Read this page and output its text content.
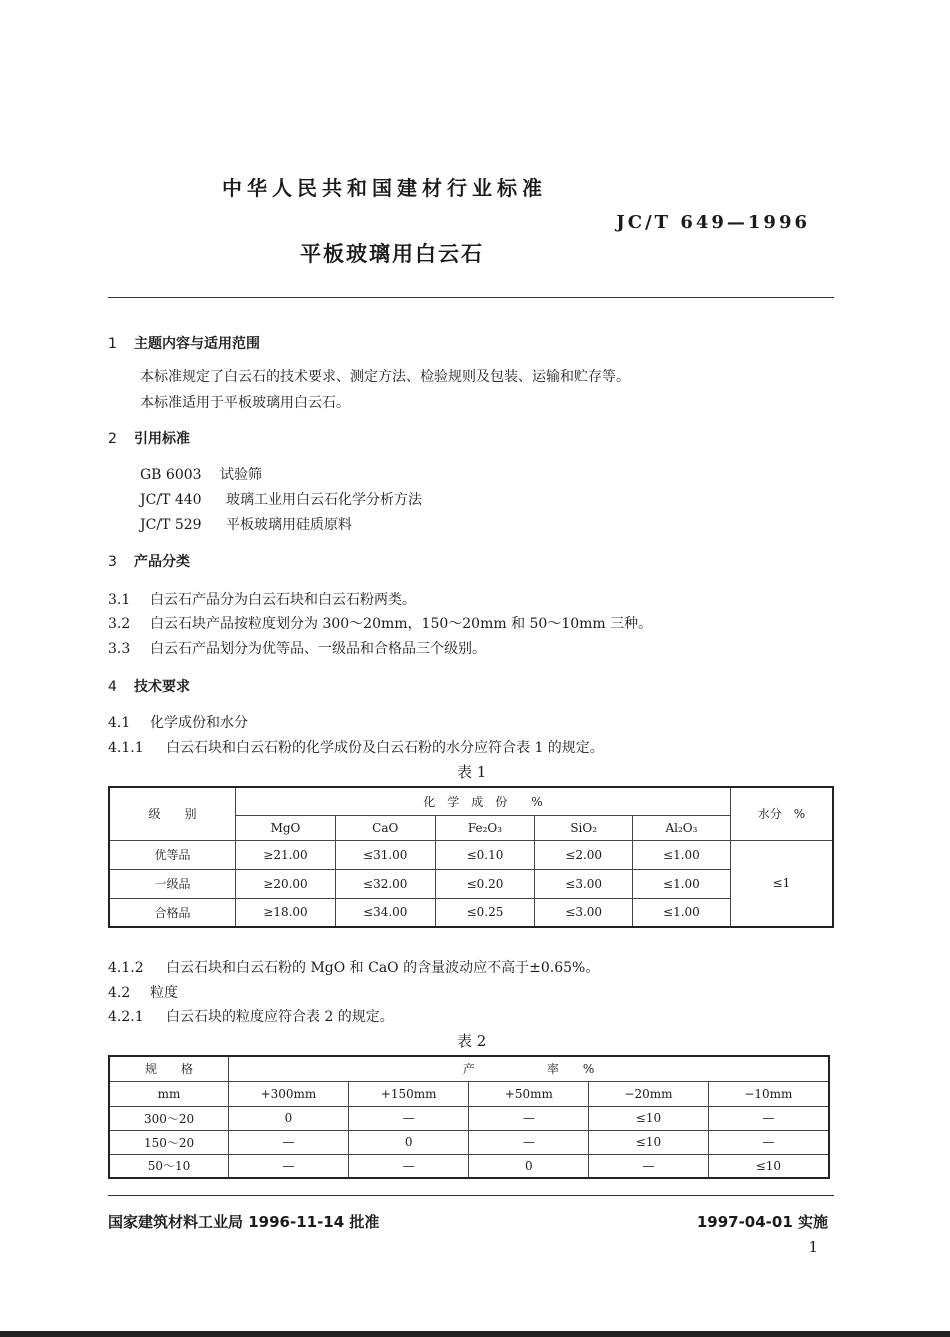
中华人民共和国建材行业标准
JC/T 649—1996
平板玻璃用白云石
1 主题内容与适用范围
本标准规定了白云石的技术要求、测定方法、检验规则及包装、运输和贮存等。
本标准适用于平板玻璃用白云石。
2 引用标准
GB 6003 试验筛
JC/T 440 玻璃工业用白云石化学分析方法
JC/T 529 平板玻璃用硅质原料
3 产品分类
3.1 白云石产品分为白云石块和白云石粉两类。
3.2 白云石块产品按粒度划分为 300～20mm，150～20mm 和 50～10mm 三种。
3.3 白云石产品划分为优等品、一级品和合格品三个级别。
4 技术要求
4.1 化学成份和水分
4.1.1 白云石块和白云石粉的化学成份及白云石粉的水分应符合表 1 的规定。
表 1
级　　别	化　学　成　份　　%					水分　%
	MgO	CaO	Fe₂O₃	SiO₂	Al₂O₃	
优等品	≥21.00	≤31.00	≤0.10	≤2.00	≤1.00	≤1
一级品	≥20.00	≤32.00	≤0.20	≤3.00	≤1.00	
合格品	≥18.00	≤34.00	≤0.25	≤3.00	≤1.00	
4.1.2 白云石块和白云石粉的 MgO 和 CaO 的含量波动应不高于±0.65%。
4.2 粒度
4.2.1 白云石块的粒度应符合表 2 的规定。
表 2
规　　格	产　　　　　　率　　%				
mm	+300mm	+150mm	+50mm	−20mm	−10mm
300～20	0	—	—	≤10	—
150～20	—	0	—	≤10	—
50～10	—	—	0	—	≤10
国家建筑材料工业局 1996-11-14 批准	1997-04-01 实施
1
